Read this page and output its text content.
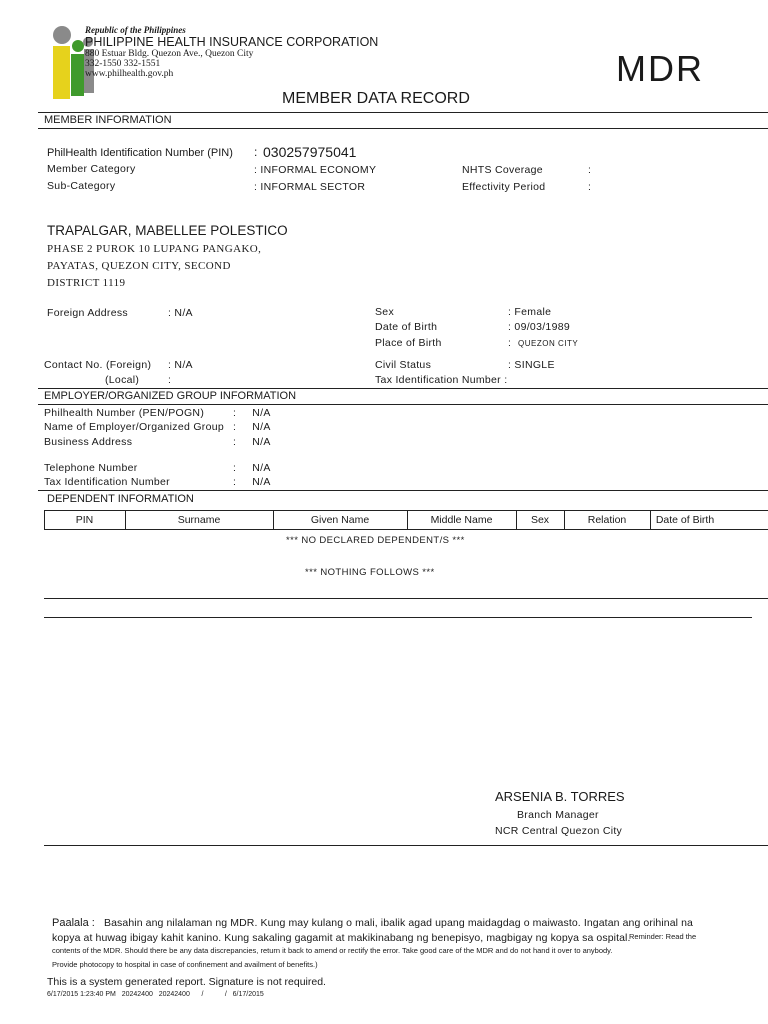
Republic of the Philippines
PHILIPPINE HEALTH INSURANCE CORPORATION
880 Estuar Bldg. Quezon Ave., Quezon City
332-1550 332-1551
www.philhealth.gov.ph	MDR
MEMBER DATA RECORD
MEMBER INFORMATION
PhilHealth Identification Number (PIN) : 030257975041
Member Category	: INFORMAL ECONOMY
Sub-Category	: INFORMAL SECTOR
NHTS Coverage	:
Effectivity Period	:
TRAPALGAR, MABELLEE POLESTICO
PHASE 2 PUROK 10 LUPANG PANGAKO,
PAYATAS, QUEZON CITY, SECOND
DISTRICT 1119
Foreign Address	: N/A	Sex	: Female
Date of Birth	: 09/03/1989
Place of Birth	: QUEZON CITY
Contact No. (Foreign) : N/A
(Local)	:
Civil Status	: SINGLE
Tax Identification Number :
EMPLOYER/ORGANIZED GROUP INFORMATION
Philhealth Number (PEN/POGN)	:     N/A
Name of Employer/Organized Group :     N/A
Business Address	:     N/A
Telephone Number	:     N/A
Tax Identification Number	:     N/A
DEPENDENT INFORMATION
PIN	Surname	Given Name	Middle Name	Sex	Relation	Date of Birth
*** NO DECLARED DEPENDENT/S ***
*** NOTHING FOLLOWS ***
ARSENIA B. TORRES
Branch Manager
NCR Central Quezon City
Paalala : Basahin ang nilalaman ng MDR. Kung may kulang o mali, ibalik agad upang maidagdag o maiwasto. Ingatan ang orihinal na
kopya at huwag ibigay kahit kanino. Kung sakaling gagamit at makikinabang ng benepisyo, magbigay ng kopya sa ospital.
Reminder: Read the
contents of the MDR. Should there be any data discrepancies, return it back to amend or rectify the error. Take good care of the MDR and do not hand it over to anybody.
Provide photocopy to hospital in case of confinement and availment of benefits.)
This is a system generated report. Signature is not required.
6/17/2015 1:23:40 PM   20242400   20242400      /           /   6/17/2015
